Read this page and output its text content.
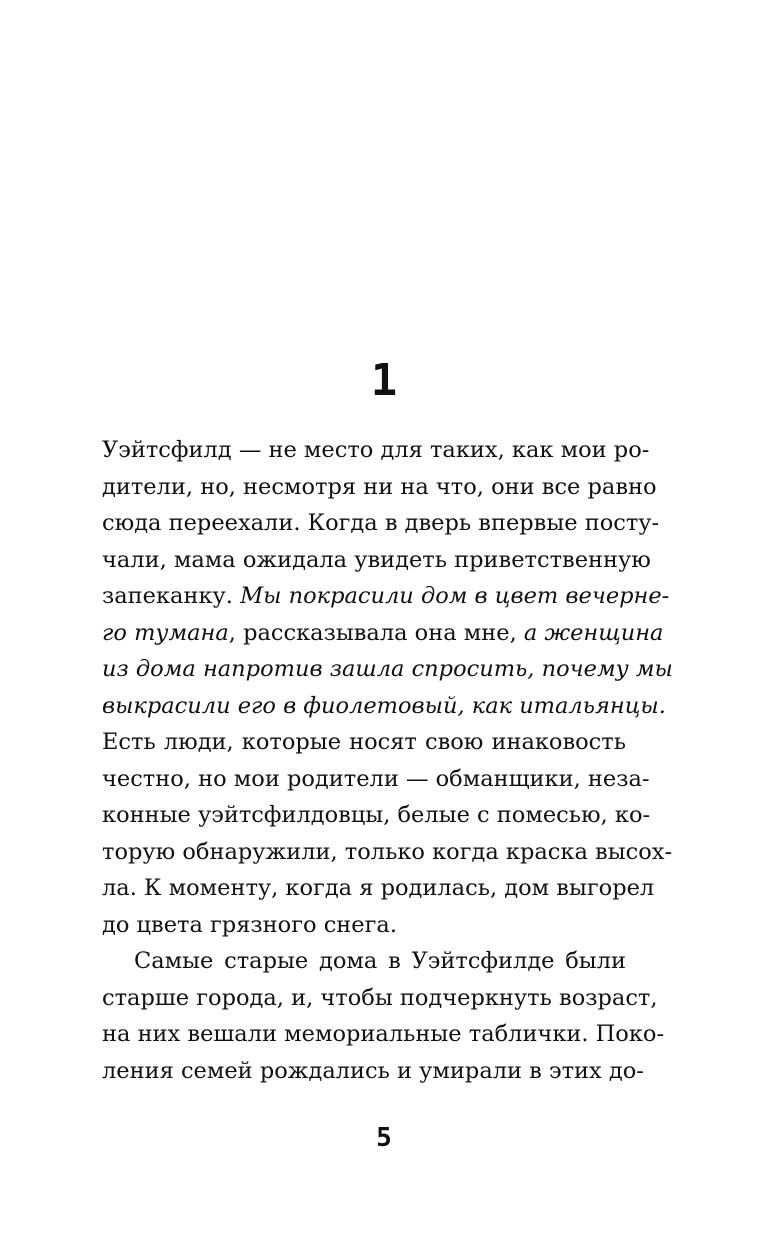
1
Уэйтсфилд — не место для таких, как мои ро-
дители, но, несмотря ни на что, они все равно
сюда переехали. Когда в дверь впервые посту-
чали, мама ожидала увидеть приветственную
запеканку. Мы покрасили дом в цвет вечерне-
го тумана, рассказывала она мне, а женщина
из дома напротив зашла спросить, почему мы
выкрасили его в фиолетовый, как итальянцы.
Есть люди, которые носят свою инаковость
честно, но мои родители — обманщики, неза-
конные уэйтсфилдовцы, белые с помесью, ко-
торую обнаружили, только когда краска высох-
ла. К моменту, когда я родилась, дом выгорел
до цвета грязного снега.
Самые старые дома в Уэйтсфилде были
старше города, и, чтобы подчеркнуть возраст,
на них вешали мемориальные таблички. Поко-
ления семей рождались и умирали в этих до-
5
